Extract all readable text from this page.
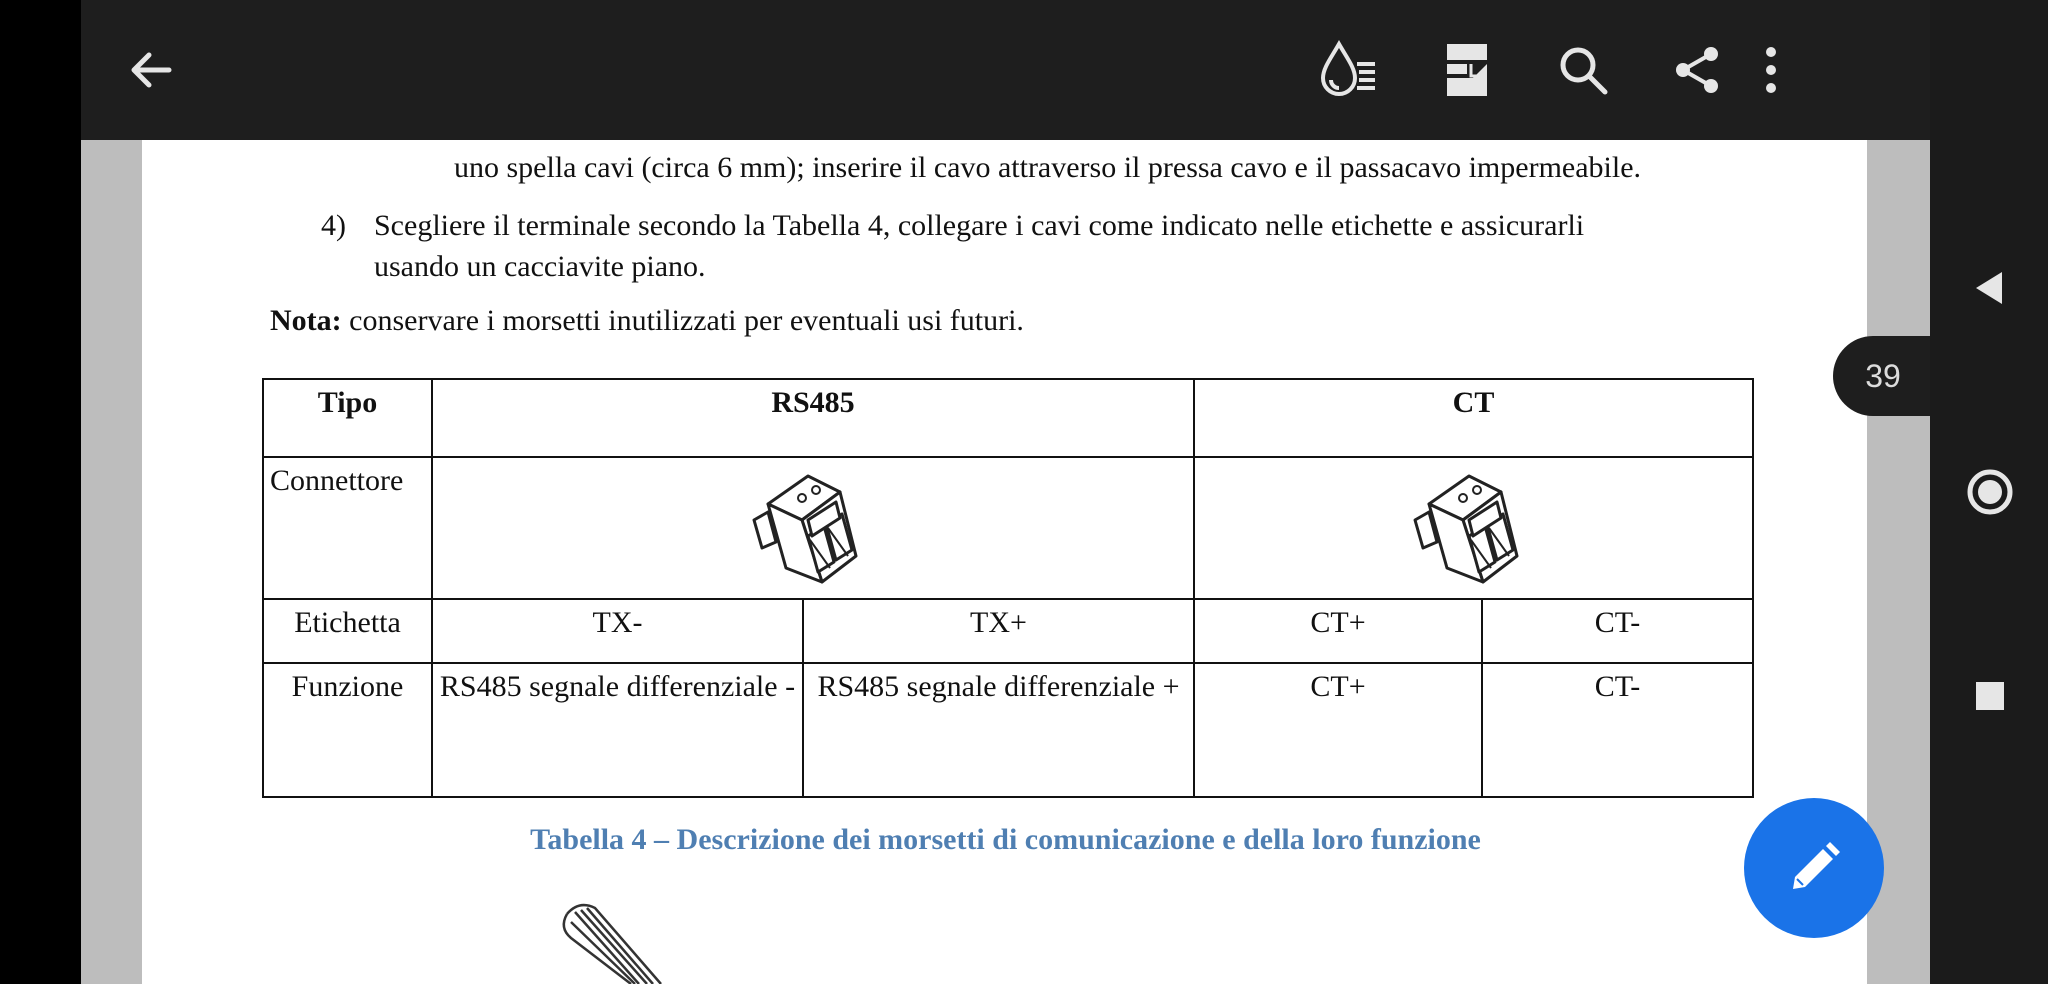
uno spella cavi (circa 6 mm); inserire il cavo attraverso il pressa cavo e il passacavo impermeabile.
4) Scegliere il terminale secondo la Tabella 4, collegare i cavi come indicato nelle etichette e assicurarli
usando un cacciavite piano.
Nota: conservare i morsetti inutilizzati per eventuali usi futuri.
Tipo	RS485		CT	
Connettore		
Etichetta	TX-	TX+	CT+	CT-
Funzione	RS485 segnale differenziale -	RS485 segnale differenziale +	CT+	CT-
Tabella 4 – Descrizione dei morsetti di comunicazione e della loro funzione
39
